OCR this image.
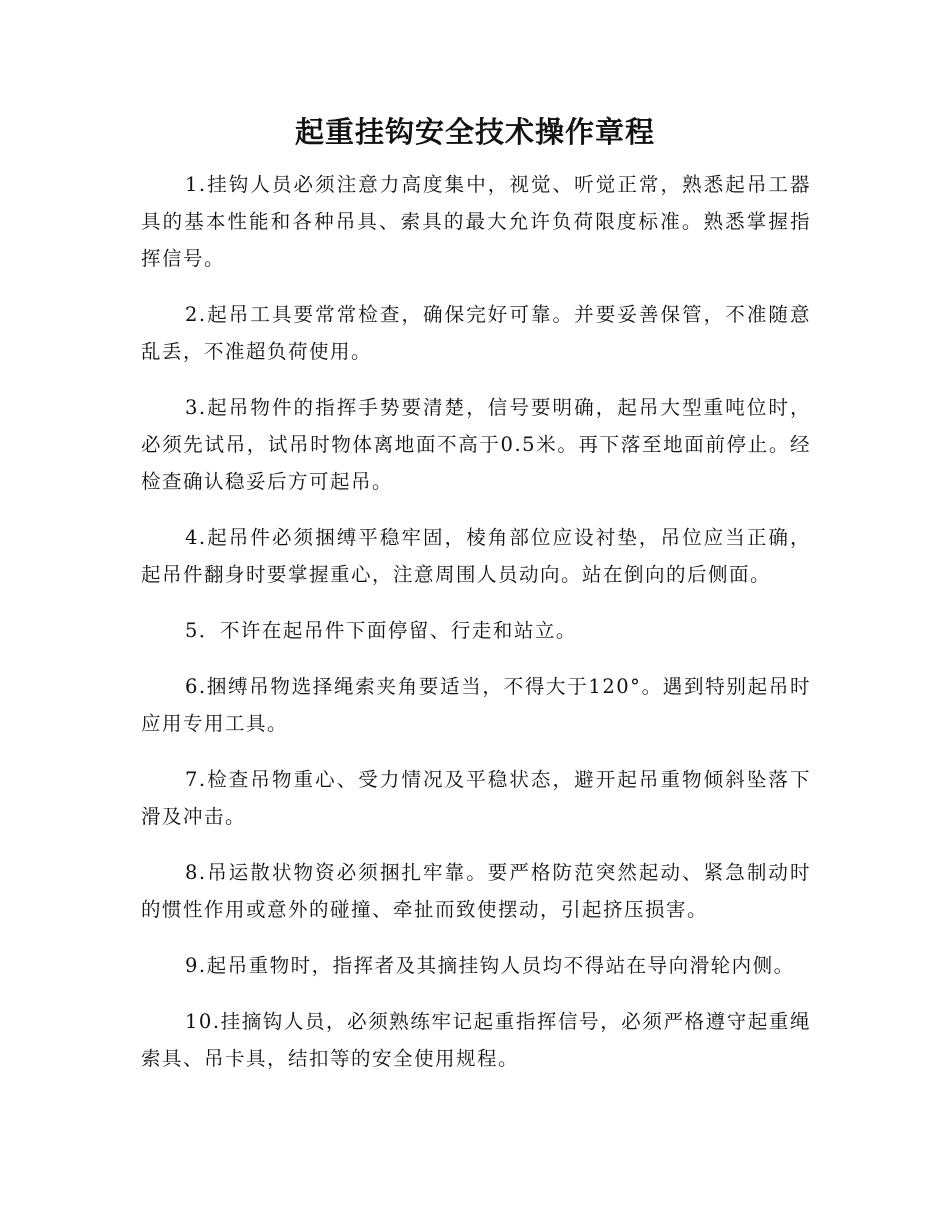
起重挂钩安全技术操作章程

1.挂钩人员必须注意力高度集中，视觉、听觉正常，熟悉起吊工器具的基本性能和各种吊具、索具的最大允许负荷限度标准。熟悉掌握指挥信号。

2.起吊工具要常常检查，确保完好可靠。并要妥善保管，不准随意乱丢，不准超负荷使用。

3.起吊物件的指挥手势要清楚，信号要明确，起吊大型重吨位时，必须先试吊，试吊时物体离地面不高于0.5米。再下落至地面前停止。经检查确认稳妥后方可起吊。

4.起吊件必须捆缚平稳牢固，棱角部位应设衬垫，吊位应当正确，起吊件翻身时要掌握重心，注意周围人员动向。站在倒向的后侧面。

5．不许在起吊件下面停留、行走和站立。

6.捆缚吊物选择绳索夹角要适当，不得大于120°。遇到特别起吊时应用专用工具。

7.检查吊物重心、受力情况及平稳状态，避开起吊重物倾斜坠落下滑及冲击。

8.吊运散状物资必须捆扎牢靠。要严格防范突然起动、紧急制动时的惯性作用或意外的碰撞、牵扯而致使摆动，引起挤压损害。

9.起吊重物时，指挥者及其摘挂钩人员均不得站在导向滑轮内侧。

10.挂摘钩人员，必须熟练牢记起重指挥信号，必须严格遵守起重绳索具、吊卡具，结扣等的安全使用规程。
